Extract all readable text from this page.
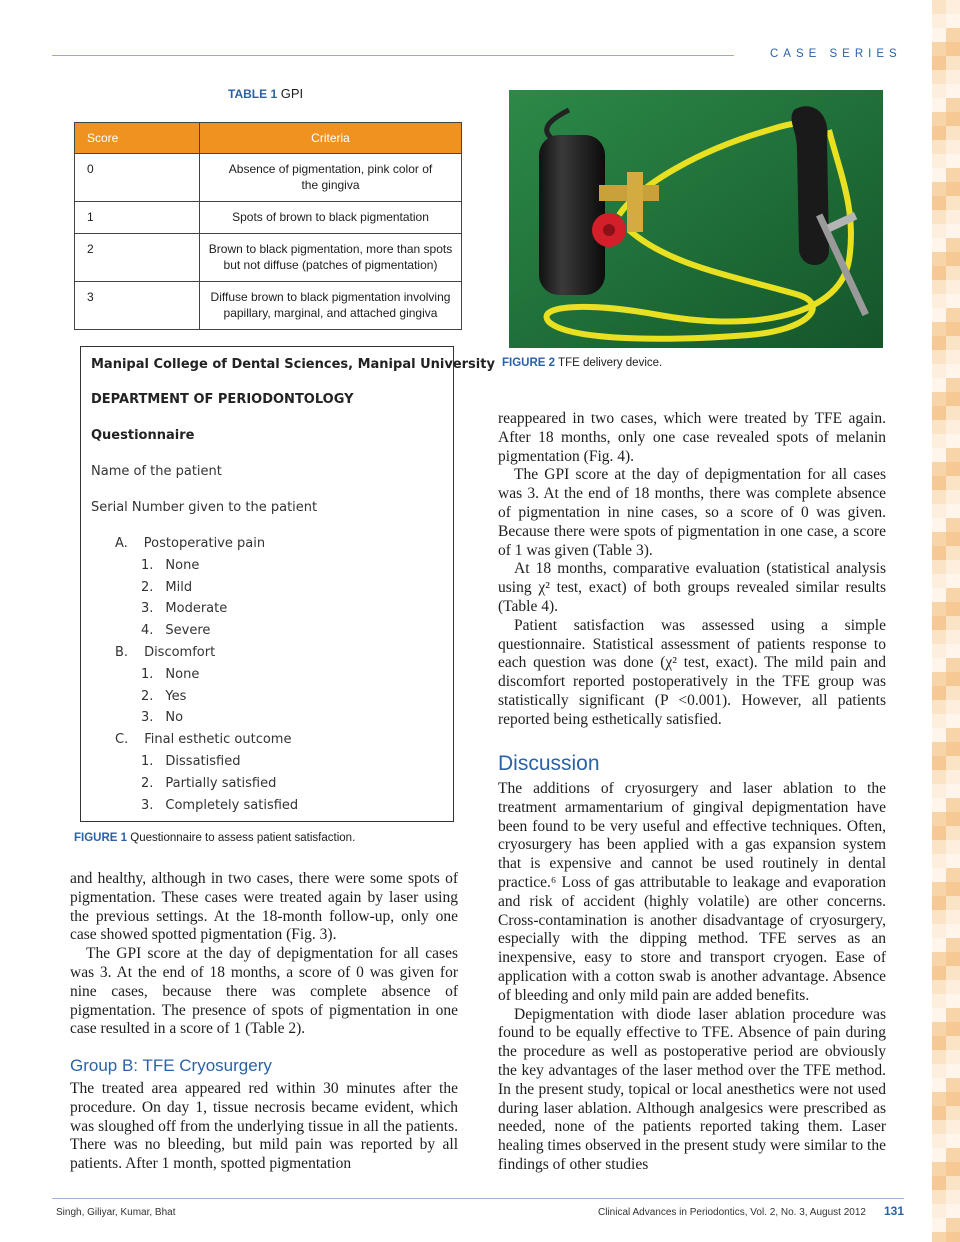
CASE SERIES
TABLE 1 GPI
Score	Criteria
0	Absence of pigmentation, pink color of the gingiva
1	Spots of brown to black pigmentation
2	Brown to black pigmentation, more than spots but not diffuse (patches of pigmentation)
3	Diffuse brown to black pigmentation involving papillary, marginal, and attached gingiva
FIGURE 2 TFE delivery device.
Manipal College of Dental Sciences, Manipal University
DEPARTMENT OF PERIODONTOLOGY
Questionnaire
Name of the patient
Serial Number given to the patient
A. Postoperative pain
1. None
2. Mild
3. Moderate
4. Severe
B. Discomfort
1. None
2. Yes
3. No
C. Final esthetic outcome
1. Dissatisfied
2. Partially satisfied
3. Completely satisfied
FIGURE 1 Questionnaire to assess patient satisfaction.

and healthy, although in two cases, there were some spots of pigmentation. These cases were treated again by laser using the previous settings. At the 18-month follow-up, only one case showed spotted pigmentation (Fig. 3).

The GPI score at the day of depigmentation for all cases was 3. At the end of 18 months, a score of 0 was given for nine cases, because there was complete absence of pigmentation. The presence of spots of pigmentation in one case resulted in a score of 1 (Table 2).

Group B: TFE Cryosurgery

The treated area appeared red within 30 minutes after the procedure. On day 1, tissue necrosis became evident, which was sloughed off from the underlying tissue in all the patients. There was no bleeding, but mild pain was reported by all patients. After 1 month, spotted pigmentation

reappeared in two cases, which were treated by TFE again. After 18 months, only one case revealed spots of melanin pigmentation (Fig. 4).

The GPI score at the day of depigmentation for all cases was 3. At the end of 18 months, there was complete absence of pigmentation in nine cases, so a score of 0 was given. Because there were spots of pigmentation in one case, a score of 1 was given (Table 3).

At 18 months, comparative evaluation (statistical analysis using χ² test, exact) of both groups revealed similar results (Table 4).

Patient satisfaction was assessed using a simple questionnaire. Statistical assessment of patients response to each question was done (χ² test, exact). The mild pain and discomfort reported postoperatively in the TFE group was statistically significant (P <0.001). However, all patients reported being esthetically satisfied.

Discussion

The additions of cryosurgery and laser ablation to the treatment armamentarium of gingival depigmentation have been found to be very useful and effective techniques. Often, cryosurgery has been applied with a gas expansion system that is expensive and cannot be used routinely in dental practice.⁶ Loss of gas attributable to leakage and evaporation and risk of accident (highly volatile) are other concerns. Cross-contamination is another disadvantage of cryosurgery, especially with the dipping method. TFE serves as an inexpensive, easy to store and transport cryogen. Ease of application with a cotton swab is another advantage. Absence of bleeding and only mild pain are added benefits.

Depigmentation with diode laser ablation procedure was found to be equally effective to TFE. Absence of pain during the procedure as well as postoperative period are obviously the key advantages of the laser method over the TFE method. In the present study, topical or local anesthetics were not used during laser ablation. Although analgesics were prescribed as needed, none of the patients reported taking them. Laser healing times observed in the present study were similar to the findings of other studies

Singh, Giliyar, Kumar, Bhat	Clinical Advances in Periodontics, Vol. 2, No. 3, August 2012 131
